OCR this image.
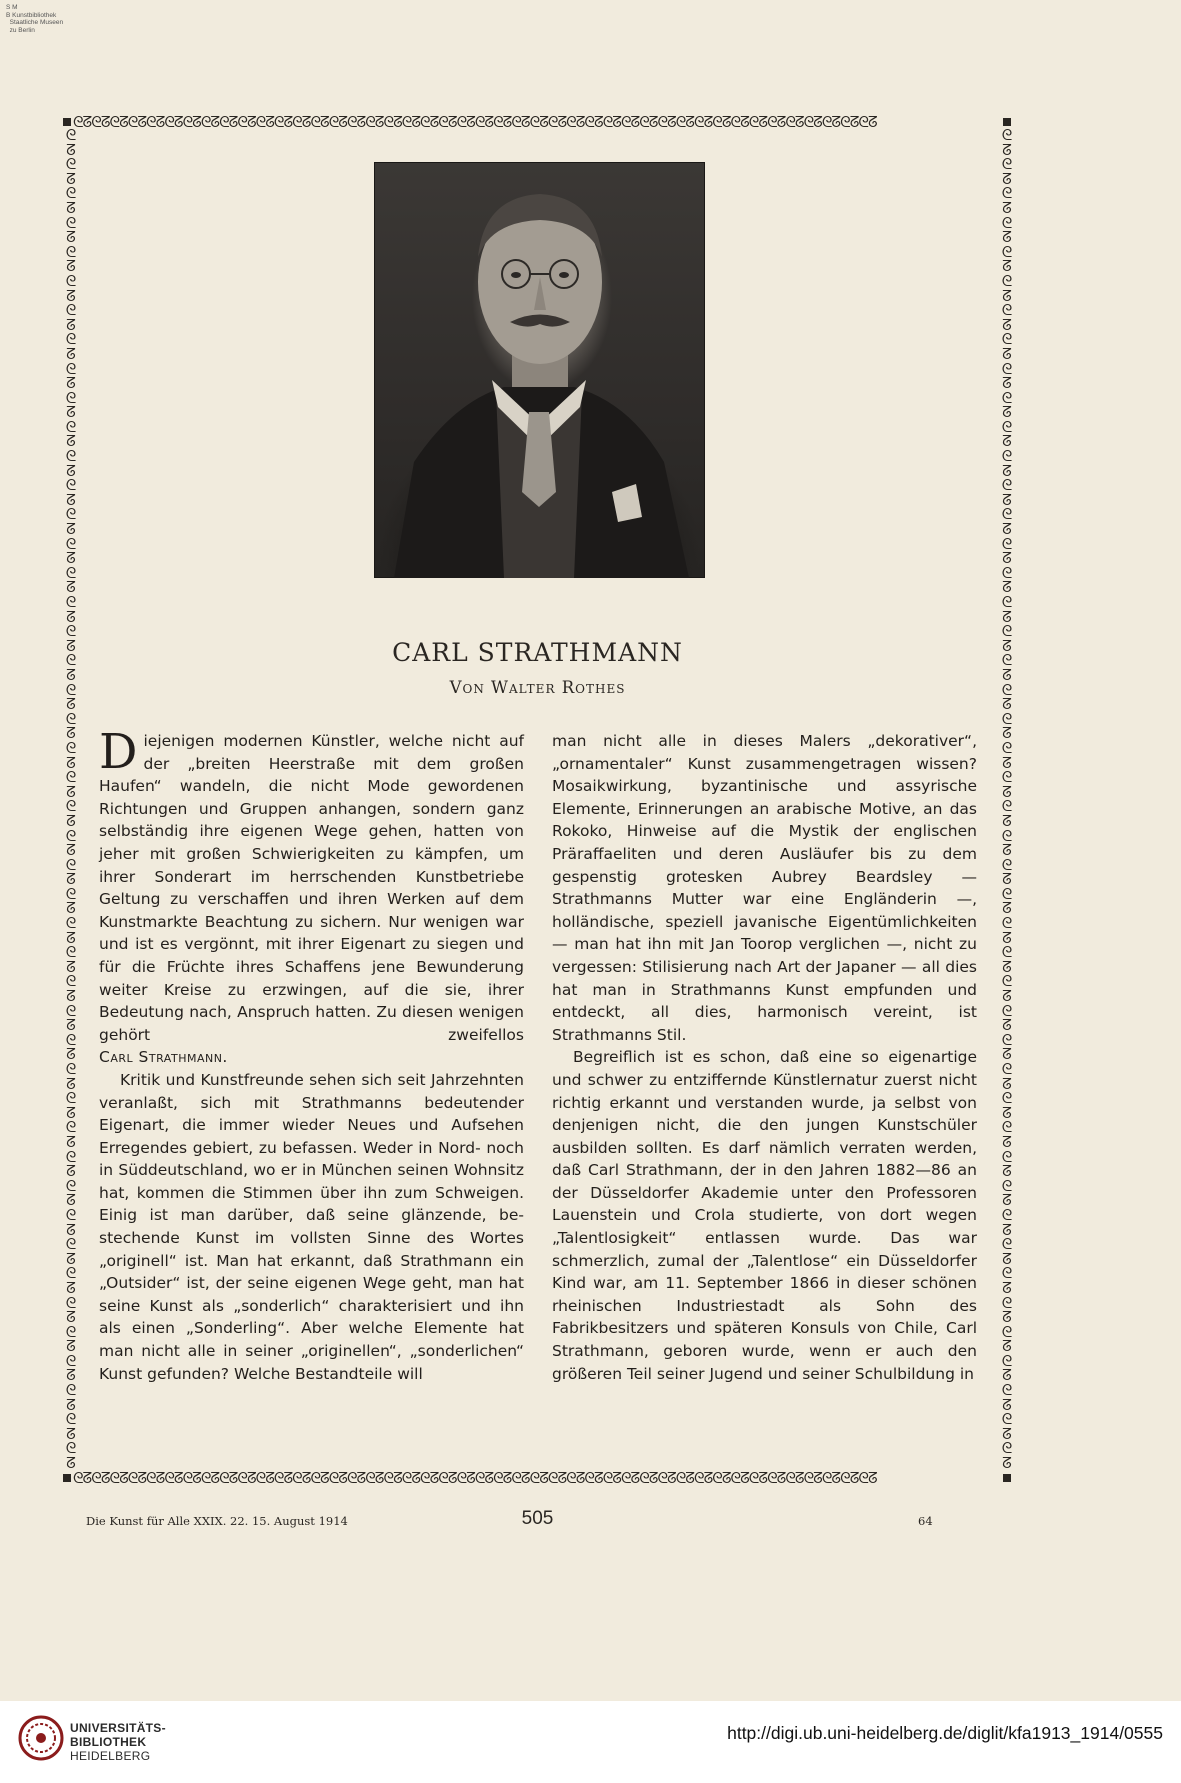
S M
B Kunstbibliothek
Staatliche Museen
zu Berlin
ᘓᘔᘓᘔᘓᘔᘓᘔᘓᘔᘓᘔᘓᘔᘓᘔᘓᘔᘓᘔᘓᘔᘓᘔᘓᘔᘓᘔᘓᘔᘓᘔᘓᘔᘓᘔᘓᘔᘓᘔᘓᘔᘓᘔᘓᘔᘓᘔᘓᘔᘓᘔᘓᘔᘓᘔᘓᘔᘓᘔᘓᘔᘓᘔᘓᘔᘓᘔᘓᘔᘓᘔᘓᘔᘓᘔᘓᘔᘓᘔᘓᘔᘓᘔᘓᘔᘓᘔ
ᘓᘔᘓᘔᘓᘔᘓᘔᘓᘔᘓᘔᘓᘔᘓᘔᘓᘔᘓᘔᘓᘔᘓᘔᘓᘔᘓᘔᘓᘔᘓᘔᘓᘔᘓᘔᘓᘔᘓᘔᘓᘔᘓᘔᘓᘔᘓᘔᘓᘔᘓᘔᘓᘔᘓᘔᘓᘔᘓᘔᘓᘔᘓᘔᘓᘔᘓᘔᘓᘔᘓᘔᘓᘔᘓᘔᘓᘔᘓᘔᘓᘔᘓᘔᘓᘔᘓᘔ
ᘓᘔᘓᘔᘓᘔᘓᘔᘓᘔᘓᘔᘓᘔᘓᘔᘓᘔᘓᘔᘓᘔᘓᘔᘓᘔᘓᘔᘓᘔᘓᘔᘓᘔᘓᘔᘓᘔᘓᘔᘓᘔᘓᘔᘓᘔᘓᘔᘓᘔᘓᘔᘓᘔᘓᘔᘓᘔᘓᘔᘓᘔᘓᘔᘓᘔᘓᘔᘓᘔᘓᘔᘓᘔᘓᘔᘓᘔᘓᘔᘓᘔᘓᘔᘓᘔᘓᘔᘓᘔᘓᘔ
ᘓᘔᘓᘔᘓᘔᘓᘔᘓᘔᘓᘔᘓᘔᘓᘔᘓᘔᘓᘔᘓᘔᘓᘔᘓᘔᘓᘔᘓᘔᘓᘔᘓᘔᘓᘔᘓᘔᘓᘔᘓᘔᘓᘔᘓᘔᘓᘔᘓᘔᘓᘔᘓᘔᘓᘔᘓᘔᘓᘔᘓᘔᘓᘔᘓᘔᘓᘔᘓᘔᘓᘔᘓᘔᘓᘔᘓᘔᘓᘔᘓᘔᘓᘔᘓᘔᘓᘔᘓᘔᘓᘔ
CARL STRATHMANN
Von Walter Rothes

Diejenigen modernen Künstler, welche nicht auf der „breiten Heerstraße mit dem großen Haufen“ wandeln, die nicht Mode gewordenen Richtungen und Gruppen anhangen, sondern ganz selbständig ihre eigenen Wege gehen, hatten von jeher mit großen Schwierigkeiten zu kämpfen, um ihrer Sonderart im herrschenden Kunstbetriebe Geltung zu verschaffen und ihren Werken auf dem Kunstmarkte Beachtung zu sichern. Nur wenigen war und ist es vergönnt, mit ihrer Eigenart zu siegen und für die Früchte ihres Schaffens jene Bewunderung weiter Kreise zu erzwingen, auf die sie, ihrer Bedeutung nach, Anspruch hatten. Zu diesen wenigen gehört zweifellos

Carl Strathmann.

Kritik und Kunstfreunde sehen sich seit Jahrzehnten veranlaßt, sich mit Strathmanns bedeutender Eigenart, die immer wieder Neues und Aufsehen Erregendes gebiert, zu befassen. Weder in Nord- noch in Süddeutschland, wo er in München seinen Wohnsitz hat, kommen die Stimmen über ihn zum Schweigen. Einig ist man darüber, daß seine glänzende, bestechende Kunst im vollsten Sinne des Wortes „originell“ ist. Man hat erkannt, daß Strathmann ein „Outsider“ ist, der seine eigenen Wege geht, man hat seine Kunst als „sonderlich“ charakterisiert und ihn als einen „Sonderling“. Aber welche Elemente hat man nicht alle in seiner „originellen“, „sonderlichen“ Kunst gefunden? Welche Bestandteile will

man nicht alle in dieses Malers „dekorativer“, „ornamentaler“ Kunst zusammengetragen wissen? Mosaikwirkung, byzantinische und assyrische Elemente, Erinnerungen an arabische Motive, an das Rokoko, Hinweise auf die Mystik der englischen Präraffaeliten und deren Ausläufer bis zu dem gespenstig grotesken Aubrey Beardsley — Strathmanns Mutter war eine Engländerin —, holländische, speziell javanische Eigentümlichkeiten — man hat ihn mit Jan Toorop verglichen —, nicht zu vergessen: Stilisierung nach Art der Japaner — all dies hat man in Strathmanns Kunst empfunden und entdeckt, all dies, harmonisch vereint, ist Strathmanns Stil.

Begreiflich ist es schon, daß eine so eigenartige und schwer zu entziffernde Künstlernatur zuerst nicht richtig erkannt und verstanden wurde, ja selbst von denjenigen nicht, die den jungen Kunstschüler ausbilden sollten. Es darf nämlich verraten werden, daß Carl Strathmann, der in den Jahren 1882—86 an der Düsseldorfer Akademie unter den Professoren Lauenstein und Crola studierte, von dort wegen „Talentlosigkeit“ entlassen wurde. Das war schmerzlich, zumal der „Talentlose“ ein Düsseldorfer Kind war, am 11. September 1866 in dieser schönen rheinischen Industriestadt als Sohn des Fabrikbesitzers und späteren Konsuls von Chile, Carl Strathmann, geboren wurde, wenn er auch den größeren Teil seiner Jugend und seiner Schulbildung in

Die Kunst für Alle XXIX. 22. 15. August 1914	505	64
UNIVERSITÄTS-
BIBLIOTHEK
HEIDELBERG
http://digi.ub.uni-heidelberg.de/diglit/kfa1913_1914/0555
